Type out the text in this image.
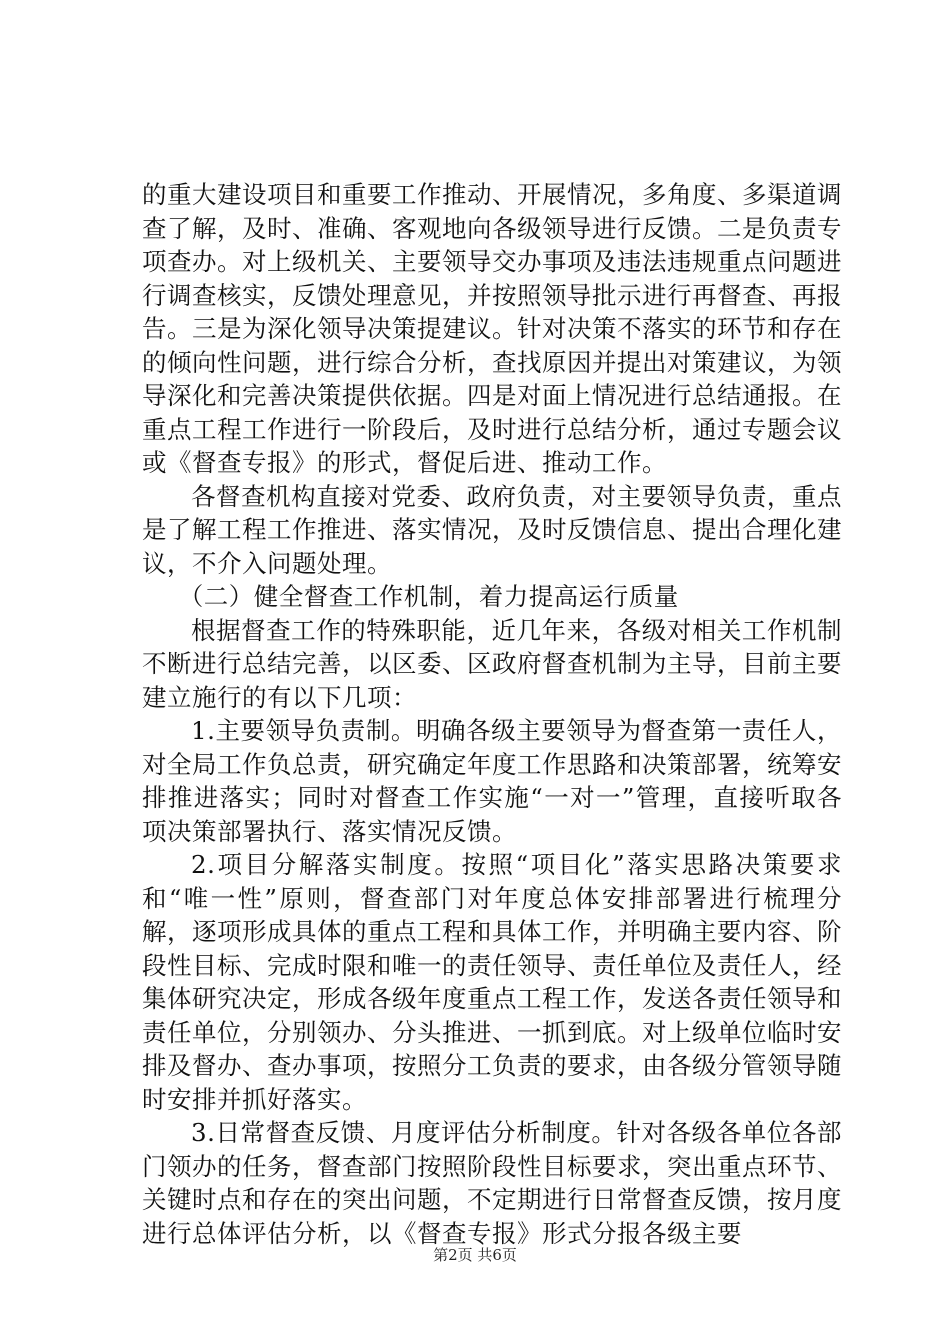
的重大建设项目和重要工作推动、开展情况，多角度、多渠道调查了解，及时、准确、客观地向各级领导进行反馈。二是负责专项查办。对上级机关、主要领导交办事项及违法违规重点问题进行调查核实，反馈处理意见，并按照领导批示进行再督查、再报告。三是为深化领导决策提建议。针对决策不落实的环节和存在的倾向性问题，进行综合分析，查找原因并提出对策建议，为领导深化和完善决策提供依据。四是对面上情况进行总结通报。在重点工程工作进行一阶段后，及时进行总结分析，通过专题会议或《督查专报》的形式，督促后进、推动工作。

各督查机构直接对党委、政府负责，对主要领导负责，重点是了解工程工作推进、落实情况，及时反馈信息、提出合理化建议，不介入问题处理。

（二）健全督查工作机制，着力提高运行质量

根据督查工作的特殊职能，近几年来，各级对相关工作机制不断进行总结完善，以区委、区政府督查机制为主导，目前主要建立施行的有以下几项：

1.主要领导负责制。明确各级主要领导为督查第一责任人，对全局工作负总责，研究确定年度工作思路和决策部署，统筹安排推进落实；同时对督查工作实施“一对一”管理，直接听取各项决策部署执行、落实情况反馈。

2.项目分解落实制度。按照“项目化”落实思路决策要求和“唯一性”原则，督查部门对年度总体安排部署进行梳理分解，逐项形成具体的重点工程和具体工作，并明确主要内容、阶段性目标、完成时限和唯一的责任领导、责任单位及责任人，经集体研究决定，形成各级年度重点工程工作，发送各责任领导和责任单位，分别领办、分头推进、一抓到底。对上级单位临时安排及督办、查办事项，按照分工负责的要求，由各级分管领导随时安排并抓好落实。

3.日常督查反馈、月度评估分析制度。针对各级各单位各部门领办的任务，督查部门按照阶段性目标要求，突出重点环节、关键时点和存在的突出问题，不定期进行日常督查反馈，按月度进行总体评估分析，以《督查专报》形式分报各级主要

第2页 共6页
